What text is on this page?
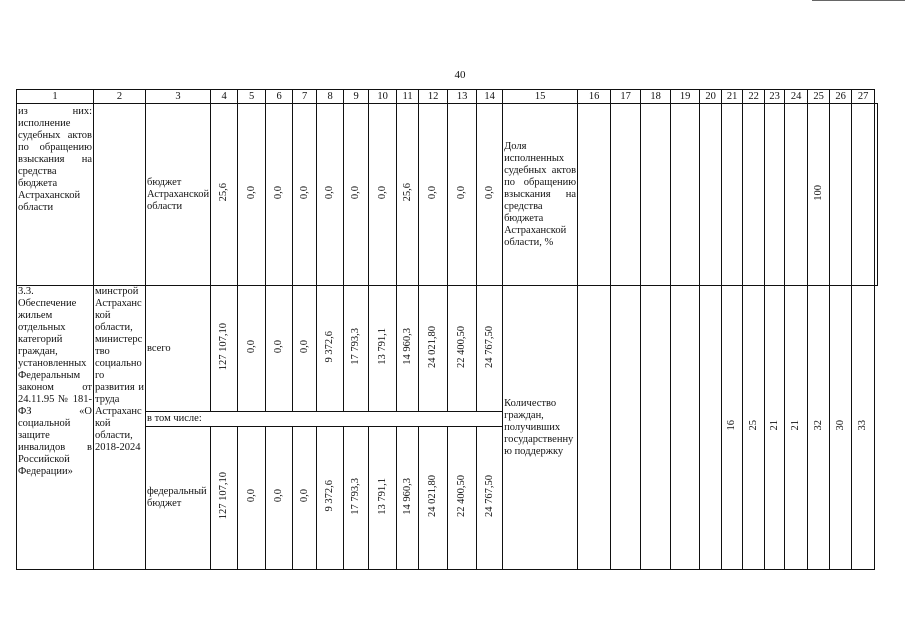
40
1	2	3	4	5	6	7	8	9	10	11	12	13	14	15	16	17	18	19	20	21	22	23	24	25	26	27	
из них: исполнение судебных актов по обращению взыскания на средства бюджета Астраханской области		бюджет Астраханской области	25,6	0,0	0,0	0,0	0,0	0,0	0,0	25,6	0,0	0,0	0,0	Доля исполненных судебных актов по обращению взыскания на средства бюджета Астраханской области, %										100			
3.3. Обеспечение жильем отдельных категорий граждан, установленных Федеральным законом от 24.11.95 № 181-ФЗ «О социальной защите инвалидов в Российской Федерации»	минстрой Астраханской области, министерство социального развития и труда Астраханской области, 2018-2024	всего	127 107,10	0,0	0,0	0,0	9 372,6	17 793,3	13 791,1	14 960,3	24 021,80	22 400,50	24 767,50	Количество граждан, получивших государственную поддержку						16	25	21	21	32	30	33	
		в том числе:																									
		федеральный бюджет	127 107,10	0,0	0,0	0,0	9 372,6	17 793,3	13 791,1	14 960,3	24 021,80	22 400,50	24 767,50														
